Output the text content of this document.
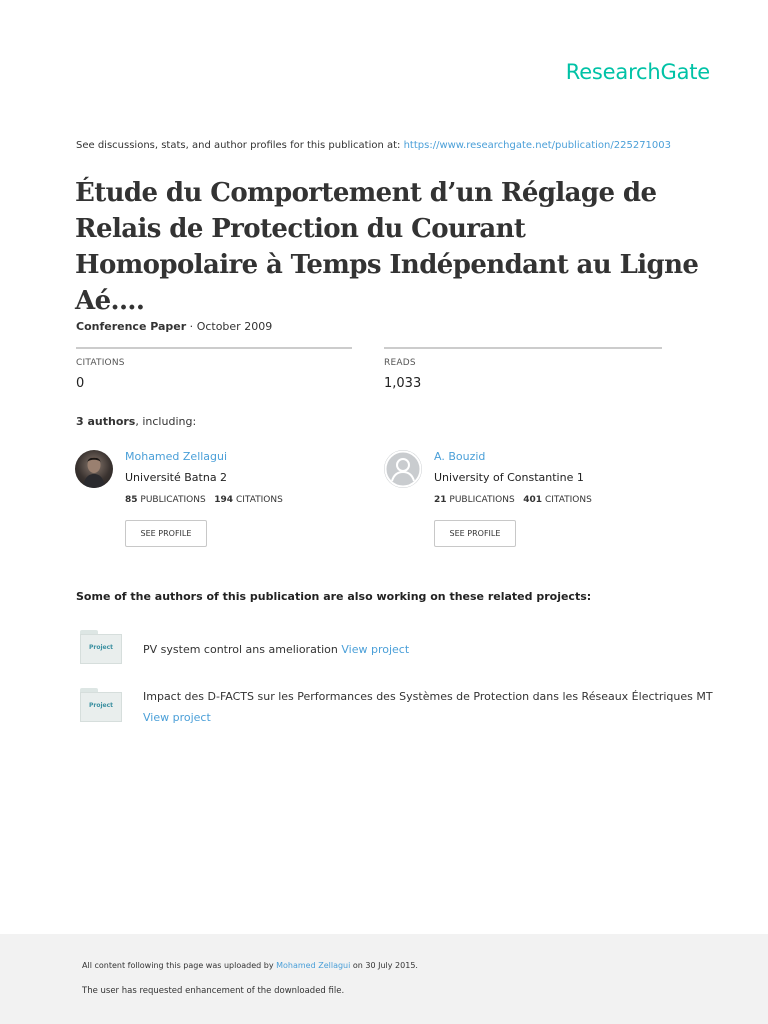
ResearchGate
See discussions, stats, and author profiles for this publication at: https://www.researchgate.net/publication/225271003
Étude du Comportement d’un Réglage de Relais de Protection du Courant Homopolaire à Temps Indépendant au Ligne Aé....
Conference Paper · October 2009
CITATIONS
0
READS
1,033
3 authors, including:
Mohamed Zellagui
Université Batna 2
85 PUBLICATIONS 194 CITATIONS
SEE PROFILE
A. Bouzid
University of Constantine 1
21 PUBLICATIONS 401 CITATIONS
SEE PROFILE
Some of the authors of this publication are also working on these related projects:
Project	PV system control ans amelioration View project
Project
Impact des D-FACTS sur les Performances des Systèmes de Protection dans les Réseaux Électriques MT
View project
All content following this page was uploaded by Mohamed Zellagui on 30 July 2015.
The user has requested enhancement of the downloaded file.
